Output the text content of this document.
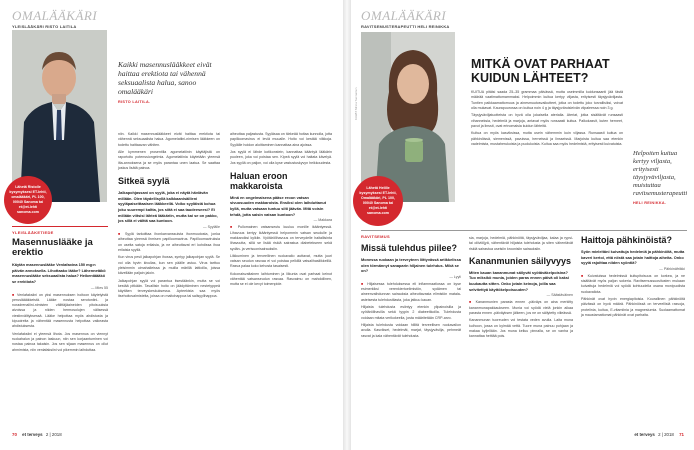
OMALÄÄKÄRI
YLEISLÄÄKÄRI RISTO LAITILA
Lähetä Ristolle kysymyksesi ET-lehti, omalääkäri, PL 100, 00040 Sanoma tai et@et-lehti sanoma.com
Kaikki masennuslääkkeet eivät haittaa erektiota tai vähennä seksuaalista halua, sanoo omalääkäri
RISTO LAITILA.
YLEISLÄÄKETIEDE
Masennuslääke ja erektio
Käytän masennuslääke Venlafaxina 150 mg:n päivän annoksella. Lihottaako lääke? Lähennetäkö masennuslääke seksuaalista halua? Heikentäääkö se erektiota?
— Mies 55
■ Venlafaksiini on yksi masennuksen hoitoon käytetyistä perusläääkkeistä. Lääke nostaa serotoniini- ja noradrenaliini-nimisten välittäjäaineiden pitoisuuksia aivoissa ja niiden hermosolujen välisessä viestinvälityksessä. Lääke helpottaa myös ahdistusta ja kipuoireita ja vähentää masennusta helpottaa vaikeasta ahdistuksesta.
Venlafaksiini ei yleensä lihota. Jos masennus on viennyt ruokahalun ja painon laskuun, niin sen korjaantuminen voi nostaa painoa takaisin. Jos sen sijaan masennus on ollut ahmimista, niin venlafaksiini voi pikemmin laihduttaa.
niin. Kaikki masennuslääkkeet eivät haittaa erektiota tai vähennä seksuaalista halua. Agomelatiini-nimisen lääkkeen on todettu haittaavan vähiten.
Alle kymmenen prosentilla agomelatiinin käyttäjistä on raportoitu potenssiongelmia. Agomelatiinia käytetään yleensä ilta-annoksena ja se myös parantaa unen laatua. Se saattaa joskus lisätä painoa.
Sitkeä syylä
Jalkapohjassani on syylä, joka ei näytä häviävän millään. Olen täydellisyllä kalkkaanisäilleni syyläpaiseittaaisen lääkkeellä. Voiko syyläistä kohua joku suurempi kaltta, jos siitä ei saa taudeeseesi? Ei millään viitsisi lähteä lääkäriin, mutta kai se on pakko, jos sillä ei välttä saa kuntoon.
— Syylälle
■ Syylä tarkoittaa ihonkarvanssuista ihonmuutosta, jonka aiheuttaa yleensä ihmisen papilloomavirus. Papilloomaviruksia on useita satoja erilaisia, ja ne aiheuttavat eri kohdissa ihoa erilaisia syyliä.
Kun virus pesii jalkapohjan ihossa, syntyy jalkapohjan syylä. Se voi olla hyvin kivulias, kun sen päälle astuu. Virus tarttuu yleisimmin uimahalleissa ja muilla märillä lattioilla, joissa kävellään paljain jaloin.
Jalkapohjan syylä voi parantua itsestäänkin, mutta se voi kestää pitkään. Tavallisin hoito on jäädyttäminen nestetyppeä käyttäen terveyskeskuksessa. Apteekista saa myös itsehoitovalmisteita, joissa on maitohappoa tai salisyylihappoa.
aiheuttaa paljastusta. Syyläsaa on tärkeää hoitaa kunnolla, jotta papilloomavirus ei leviä muualle. Hoito voi kestää viikkoja. Syylälle hoidon aloittaminen kannattaa aina ajoissa.
Jos syylä ei lähde kotikonstein, kannattaa kääntyä lääkärin puoleen, joka voi poistaa sen. Kipeä syylä voi haitata kävelyä. Jos syyliä on paljon, voi olla kyse vastustuskyvyn heikkoudesta.
Haluan eroon makkaroista
Minä en ongelmaisena pääse eroon vatsan sivuosuuden makkaroista. Ensiksi olen laihduttanut kyllä, mutta vatsaan tuntuu silti jäävän. Mitä voisin tehdä, jotta saisin vatsan kuntoon?
— Makkara
■ Pullomainen vatsanseutu kuuluu monille ikääntyessä. Lihavuus kertyy ikääntyessä helpommin vatsan seudulle ja makkaroiksi kylkiin. Vyötärölihavuus on terveydelle haitallisinta lihavuutta, sillä se lisää riskiä sairastua diabetekseen sekä sydän- ja verisuonisairauksiin.
Liikkuminen ja terveellinen ruokavalio auttavat, mutta juuri vatsan seudun rasvaa ei voi poistaa pelkillä vatsalihasliikkeillä. Rasva palaa koko kehosta tasaisesti.
Kokonaisvaltainen laihtuminen ja liikunta ovat parhaat keinot vähentää vatsanseudun rasvaa. Rasvaimu on mahdollinen, mutta se ei ole kevyt toimenpide.
70 et terveys 2 | 2018
OMALÄÄKÄRI
RAVITSEMUSTERAPEUTTI HELI REINIKKA
KUVAT: Minna Tuomainen
Lähetä Helille kysymyksesi ET-lehti, Omalääkäri, PL 100, 00040 Sanoma tai et@et-lehti sanoma.com
MITKÄ OVAT PARHAAT KUIDUN LÄHTEET?
KUITUA pitäisi saada 25–35 grammaa päivässä, mutta useimmilla kuidunsaanti jää tästä määrää vaatimattomammaksi. Helpoimmin kuitua kertyy viljasta, erityisesti täysjyväviljasta. Tuntien paikkaamattomuus ja ainesmuutosvaikutteet, jotka on todettu joko turvallisiksi, voivat olla mukavat. Kaurapuurossa on kuitua noin 4 g ja täysjyväruisleivän viipaleessa noin 3 g.
Täysjyväviljatuotteista on hyvä olla jokaisella aterialla. Ateriat, jotka sisältävät runsaasti vihanneksia, hedelmiä ja marjoja, antavat myös runsaasti kuitua. Palkokasvit, kuten herneet, pavut ja linssit, ovat erinomaisia kuidun lähteitä.
Kuitua on myös kasviksissa, mutta usein vähemmin kuin viljassa. Runsaasti kuitua on pähkinöissä, siemenissä, pavuissa, herneissä ja linsseissä. Marjoista kuitua saa etenkin vadelmista, mustaherukoista ja puolukoista. Kuitua saa myös hedelmistä, erityisesti kuivatuista.
Helpoiten kuitua kertyy viljasta, erityisesti täysjyväviljasta, muistuttaa ravitsemusterapeutti
HELI REINIKKA.
RAVITSEMUS
Missä tulehdus piilee?
Monessa ruokaan ja terveyteen liittyvässä artikkelissa olen törmännyt sanaparin hiljainen tulehdus. Mikä se on?
— Lyyli
■ Hiljaisessa tulehduksessa eli inflammaatiossa on kyse esimerkiksi verenkiertoelimistön, sydämen tai aineenvaihdunnan sairauksia aiheuttavasta elimistön matala-asteisesta tulehdustilasta, joka jatkuu kauan.
Hiljaista tulehdusta esiintyy etenkin ylipainoisilla ja vyötärölihavilla sekä tyypin 2 diabeetikoilla. Tulehdusta voidaan mitata verikokeella, josta määritetään CRP-arvo.
Hiljaista tulehdusta voidaan hillitä terveellisen ruokavalion avulla. Kasvikset, hedelmät, marjat, täysjyvävilja, pehmeät rasvat ja kala vähentävät tulehdusta.
sia, marjoja, hedelmiä, pähkinöitä, täysjyväviljaa, kalaa ja rypsi- tai oliiviöljyä, vähentävät hiljaista tulehdusta ja siten vähentävät riskiä sairastua useisiin kroonisiin sairauksiin.
Kananmunien säilyvyys
Miten kauan kananmunat säilyvät syötäväkelpoisina? Tuo miksikö munia, joiden paras ennen päivä oli kaksi kuukautta sitten. Onko jotain keinoja, joilla saa selvitettyä käyttökelpoisuuden?
— Säästäväinen
■ Kananmunien parasta ennen -päiväys on aina merkitty kananmunapakkaukseen. Munia voi syödä vielä jonkin aikaa parasta ennen -päiväyksen jälkeen, jos ne on säilytetty viileässä.
Kananmunan tuoreuden voi testata veden avulla. Laita muna kulhoon, jossa on kylmää vettä. Tuore muna painuu pohjaan ja makaa kyljellään. Jos muna kelluu pinnalla, se on vanha ja kannattaa heittää pois.
Haittoja pähkinöistä?
Syön mieleltäni kuivattuja hedelmiä ja pähkinöitä, mutta kaveri kertoi, että niistä saa jotain haittoja aiheita. Onko syytä rajoittaa niiden syöntiä?
— Pähkinäfriikki
■ Kuivatuissa hedelmissä kuitupitoisuus on korkea, ja ne sisältävät myös paljon sokeria. Ravitsemussuositusten mukaan kuivattuja hedelmiä voi syödä kohtuudella osana monipuolista ruokavaliota.
Pähkinät ovat hyvin energiapitoisia. Kourallinen pähkinöitä päivässä on hyvä määrä. Pähkinöissä on terveellisiä rasvoja, proteiinia, kuitua, E-vitamiinia ja magnesiumia. Suolaamattomat ja maustamattomat pähkinät ovat parhaita.
et terveys 2 | 2018 71
